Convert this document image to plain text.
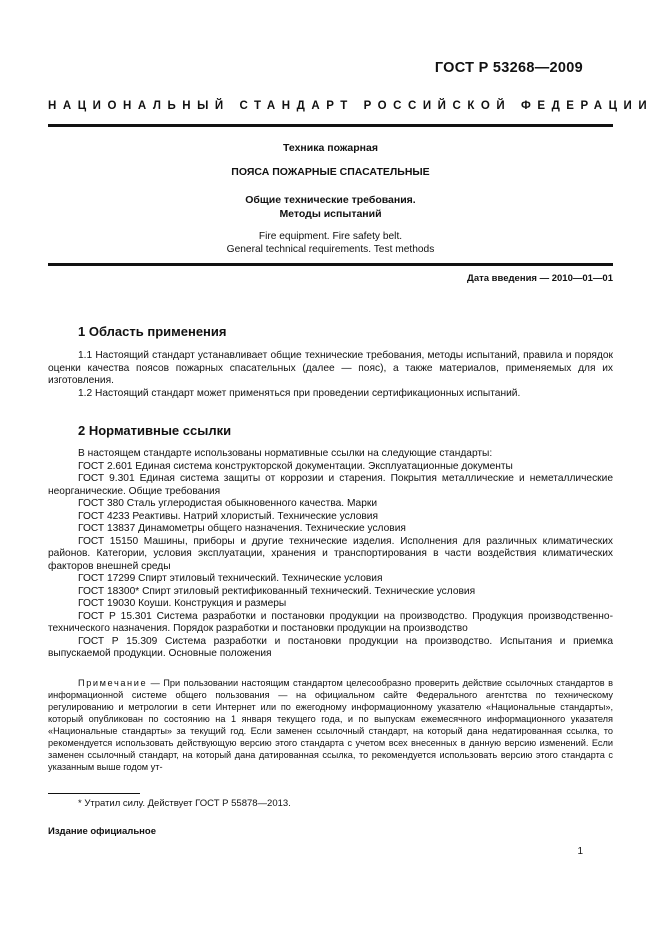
ГОСТ Р 53268—2009
НАЦИОНАЛЬНЫЙ СТАНДАРТ РОССИЙСКОЙ ФЕДЕРАЦИИ
Техника пожарная
ПОЯСА ПОЖАРНЫЕ СПАСАТЕЛЬНЫЕ
Общие технические требования.
Методы испытаний
Fire equipment. Fire safety belt.
General technical requirements. Test methods
Дата введения — 2010—01—01
1 Область применения

1.1 Настоящий стандарт устанавливает общие технические требования, методы испытаний, правила и порядок оценки качества поясов пожарных спасательных (далее — пояс), а также материалов, применяемых для их изготовления.

1.2 Настоящий стандарт может применяться при проведении сертификационных испытаний.

2 Нормативные ссылки

В настоящем стандарте использованы нормативные ссылки на следующие стандарты:

ГОСТ 2.601 Единая система конструкторской документации. Эксплуатационные документы

ГОСТ 9.301 Единая система защиты от коррозии и старения. Покрытия металлические и неметаллические неорганические. Общие требования

ГОСТ 380 Сталь углеродистая обыкновенного качества. Марки

ГОСТ 4233 Реактивы. Натрий хлористый. Технические условия

ГОСТ 13837 Динамометры общего назначения. Технические условия

ГОСТ 15150 Машины, приборы и другие технические изделия. Исполнения для различных климатических районов. Категории, условия эксплуатации, хранения и транспортирования в части воздействия климатических факторов внешней среды

ГОСТ 17299 Спирт этиловый технический. Технические условия

ГОСТ 18300* Спирт этиловый ректификованный технический. Технические условия

ГОСТ 19030 Коуши. Конструкция и размеры

ГОСТ Р 15.301 Система разработки и постановки продукции на производство. Продукция производственно-технического назначения. Порядок разработки и постановки продукции на производство

ГОСТ Р 15.309 Система разработки и постановки продукции на производство. Испытания и приемка выпускаемой продукции. Основные положения

Примечание — При пользовании настоящим стандартом целесообразно проверить действие ссылочных стандартов в информационной системе общего пользования — на официальном сайте Федерального агентства по техническому регулированию и метрологии в сети Интернет или по ежегодному информационному указателю «Национальные стандарты», который опубликован по состоянию на 1 января текущего года, и по выпускам ежемесячного информационного указателя «Национальные стандарты» за текущий год. Если заменен ссылочный стандарт, на который дана недатированная ссылка, то рекомендуется использовать действующую версию этого стандарта с учетом всех внесенных в данную версию изменений. Если заменен ссылочный стандарт, на который дана датированная ссылка, то рекомендуется использовать версию этого стандарта с указанным выше годом ут-
* Утратил силу. Действует ГОСТ Р 55878—2013.
Издание официальное
1
